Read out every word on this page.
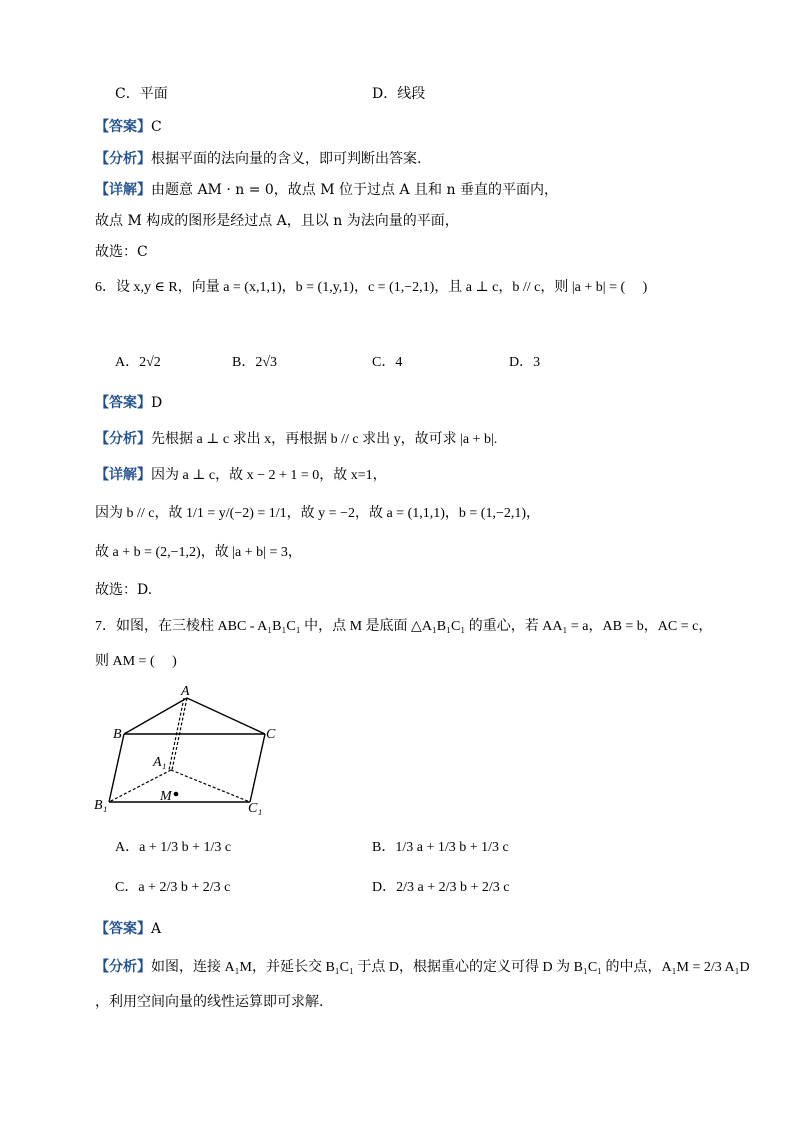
C．平面	D．线段
【答案】C
【分析】根据平面的法向量的含义，即可判断出答案.
【详解】由题意 AM · n = 0，故点 M 位于过点 A 且和 n 垂直的平面内，
故点 M 构成的图形是经过点 A，且以 n 为法向量的平面，
故选：C
6．设 x,y ∈ R，向量 a = (x,1,1)，b = (1,y,1)，c = (1,−2,1)，且 a ⊥ c，b // c，则 |a + b| = (　 )
A．2√2	B．2√3	C．4	D．3
【答案】D
【分析】先根据 a ⊥ c 求出 x，再根据 b // c 求出 y，故可求 |a + b|.
【详解】因为 a ⊥ c，故 x − 2 + 1 = 0，故 x=1，
因为 b // c，故 1/1 = y/(−2) = 1/1，故 y = −2，故 a = (1,1,1)，b = (1,−2,1)，
故 a + b = (2,−1,2)，故 |a + b| = 3，
故选：D.
7．如图，在三棱柱 ABC - A₁B₁C₁ 中，点 M 是底面 △A₁B₁C₁ 的重心，若 AA₁ = a，AB = b，AC = c，
则 AM = (　 )
A
B	C
A₁
B₁	C₁
M
A．a + 1/3 b + 1/3 c	B．1/3 a + 1/3 b + 1/3 c
C．a + 2/3 b + 2/3 c	D．2/3 a + 2/3 b + 2/3 c
【答案】A
【分析】如图，连接 A₁M，并延长交 B₁C₁ 于点 D，根据重心的定义可得 D 为 B₁C₁ 的中点，A₁M = 2/3 A₁D
，利用空间向量的线性运算即可求解.
